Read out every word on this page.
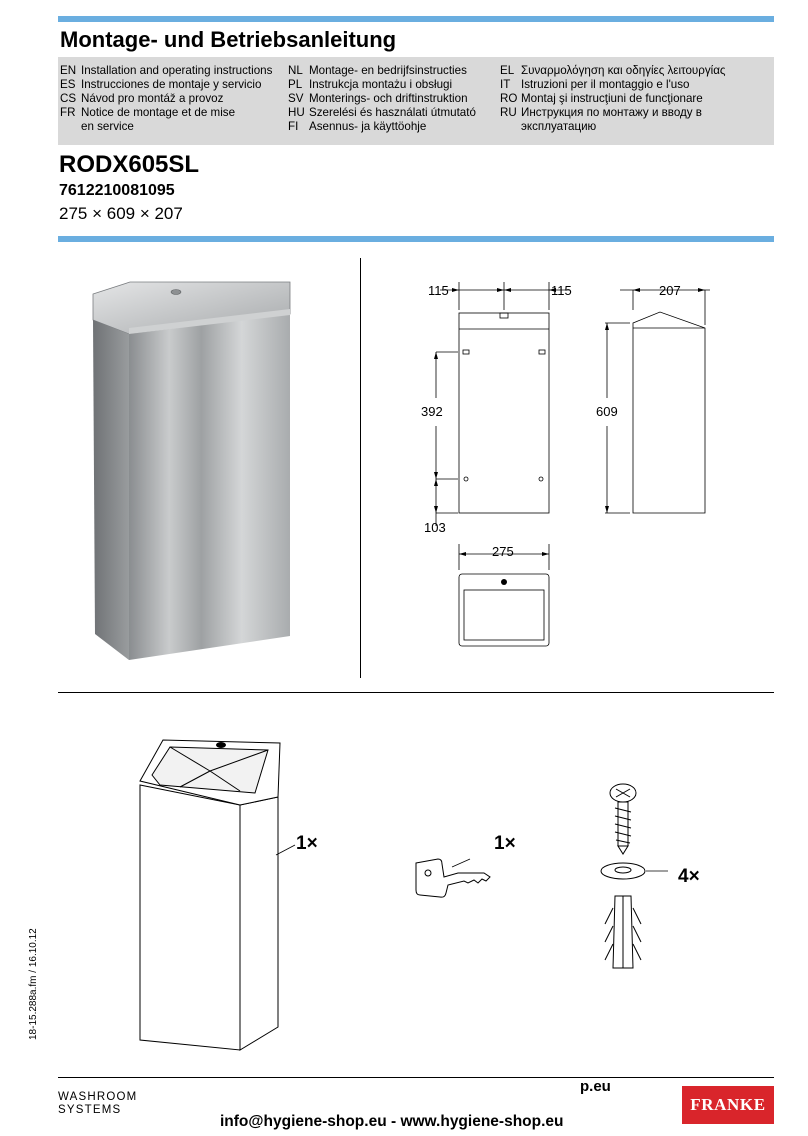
Montage- und Betriebsanleitung
EN Installation and operating instructions
ES Instrucciones de montaje y servicio
CS Návod pro montáž a provoz
FR Notice de montage et de mise en service
NL Montage- en bedrijfsinstructies
PL Instrukcja montażu i obsługi
SV Monterings- och driftinstruktion
HU Szerelési és használati útmutató
FI Asennus- ja käyttöohje
EL Συναρμολόγηση και οδηγίες λειτουργίας
IT Istruzioni per il montaggio e l'uso
RO Montaj şi instrucţiuni de funcţionare
RU Инструкция по монтажу и вводу в эксплуатацию
RODX605SL
7612210081095
275 × 609 × 207
115	115	207
392	609
103
275
1×	1×
4×
18-15.288a.fm / 16.10.12
WASHROOM
SYSTEMS
p.eu
info@hygiene-shop.eu - www.hygiene-shop.eu
FRANKE
